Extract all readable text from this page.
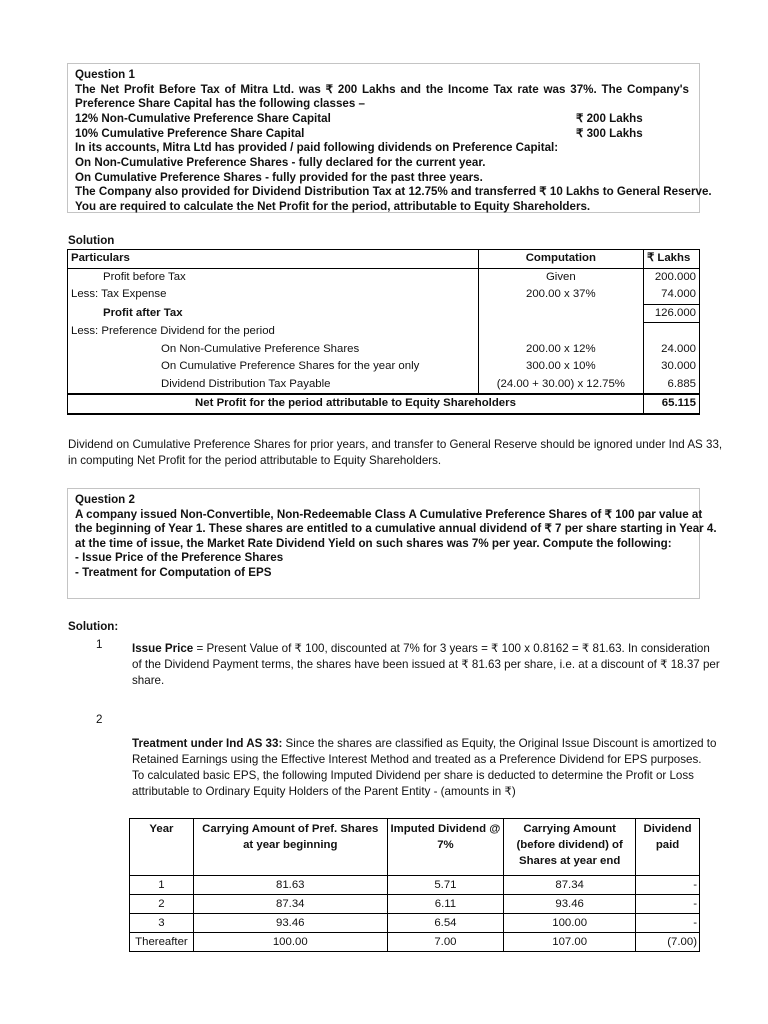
Question 1
The Net Profit Before Tax of Mitra Ltd. was ₹ 200 Lakhs and the Income Tax rate was 37%. The Company's
Preference Share Capital has the following classes –
12% Non-Cumulative Preference Share Capital	₹ 200 Lakhs
10% Cumulative Preference Share Capital	₹ 300 Lakhs
In its accounts, Mitra Ltd has provided / paid following dividends on Preference Capital:
On Non-Cumulative Preference Shares - fully declared for the current year.
On Cumulative Preference Shares - fully provided for the past three years.
The Company also provided for Dividend Distribution Tax at 12.75% and transferred ₹ 10 Lakhs to General Reserve.
You are required to calculate the Net Profit for the period, attributable to Equity Shareholders.
Solution
Particulars	Computation	₹ Lakhs
Profit before Tax	Given	200.000
Less: Tax Expense	200.00 x 37%	74.000
Profit after Tax		126.000
Less: Preference Dividend for the period		
On Non-Cumulative Preference Shares	200.00 x 12%	24.000
On Cumulative Preference Shares for the year only	300.00 x 10%	30.000
Dividend Distribution Tax Payable	(24.00 + 30.00) x 12.75%	6.885
Net Profit for the period attributable to Equity Shareholders		65.115
Dividend on Cumulative Preference Shares for prior years, and transfer to General Reserve should be ignored under Ind AS 33,
in computing Net Profit for the period attributable to Equity Shareholders.
Question 2
A company issued Non-Convertible, Non-Redeemable Class A Cumulative Preference Shares of ₹ 100 par value at
the beginning of Year 1. These shares are entitled to a cumulative annual dividend of ₹ 7 per share starting in Year 4.
at the time of issue, the Market Rate Dividend Yield on such shares was 7% per year. Compute the following:
- Issue Price of the Preference Shares
- Treatment for Computation of EPS
Solution:
1	Issue Price = Present Value of ₹ 100, discounted at 7% for 3 years = ₹ 100 x 0.8162 = ₹ 81.63. In consideration
of the Dividend Payment terms, the shares have been issued at ₹ 81.63 per share, i.e. at a discount of ₹ 18.37 per
share.
2
Treatment under Ind AS 33: Since the shares are classified as Equity, the Original Issue Discount is amortized to
Retained Earnings using the Effective Interest Method and treated as a Preference Dividend for EPS purposes.
To calculated basic EPS, the following Imputed Dividend per share is deducted to determine the Profit or Loss
attributable to Ordinary Equity Holders of the Parent Entity - (amounts in ₹)
Year	Carrying Amount of Pref. Shares at year beginning	Imputed Dividend @ 7%	Carrying Amount (before dividend) of Shares at year end	Dividend paid
1	81.63	5.71	87.34	-
2	87.34	6.11	93.46	-
3	93.46	6.54	100.00	-
Thereafter	100.00	7.00	107.00	(7.00)
